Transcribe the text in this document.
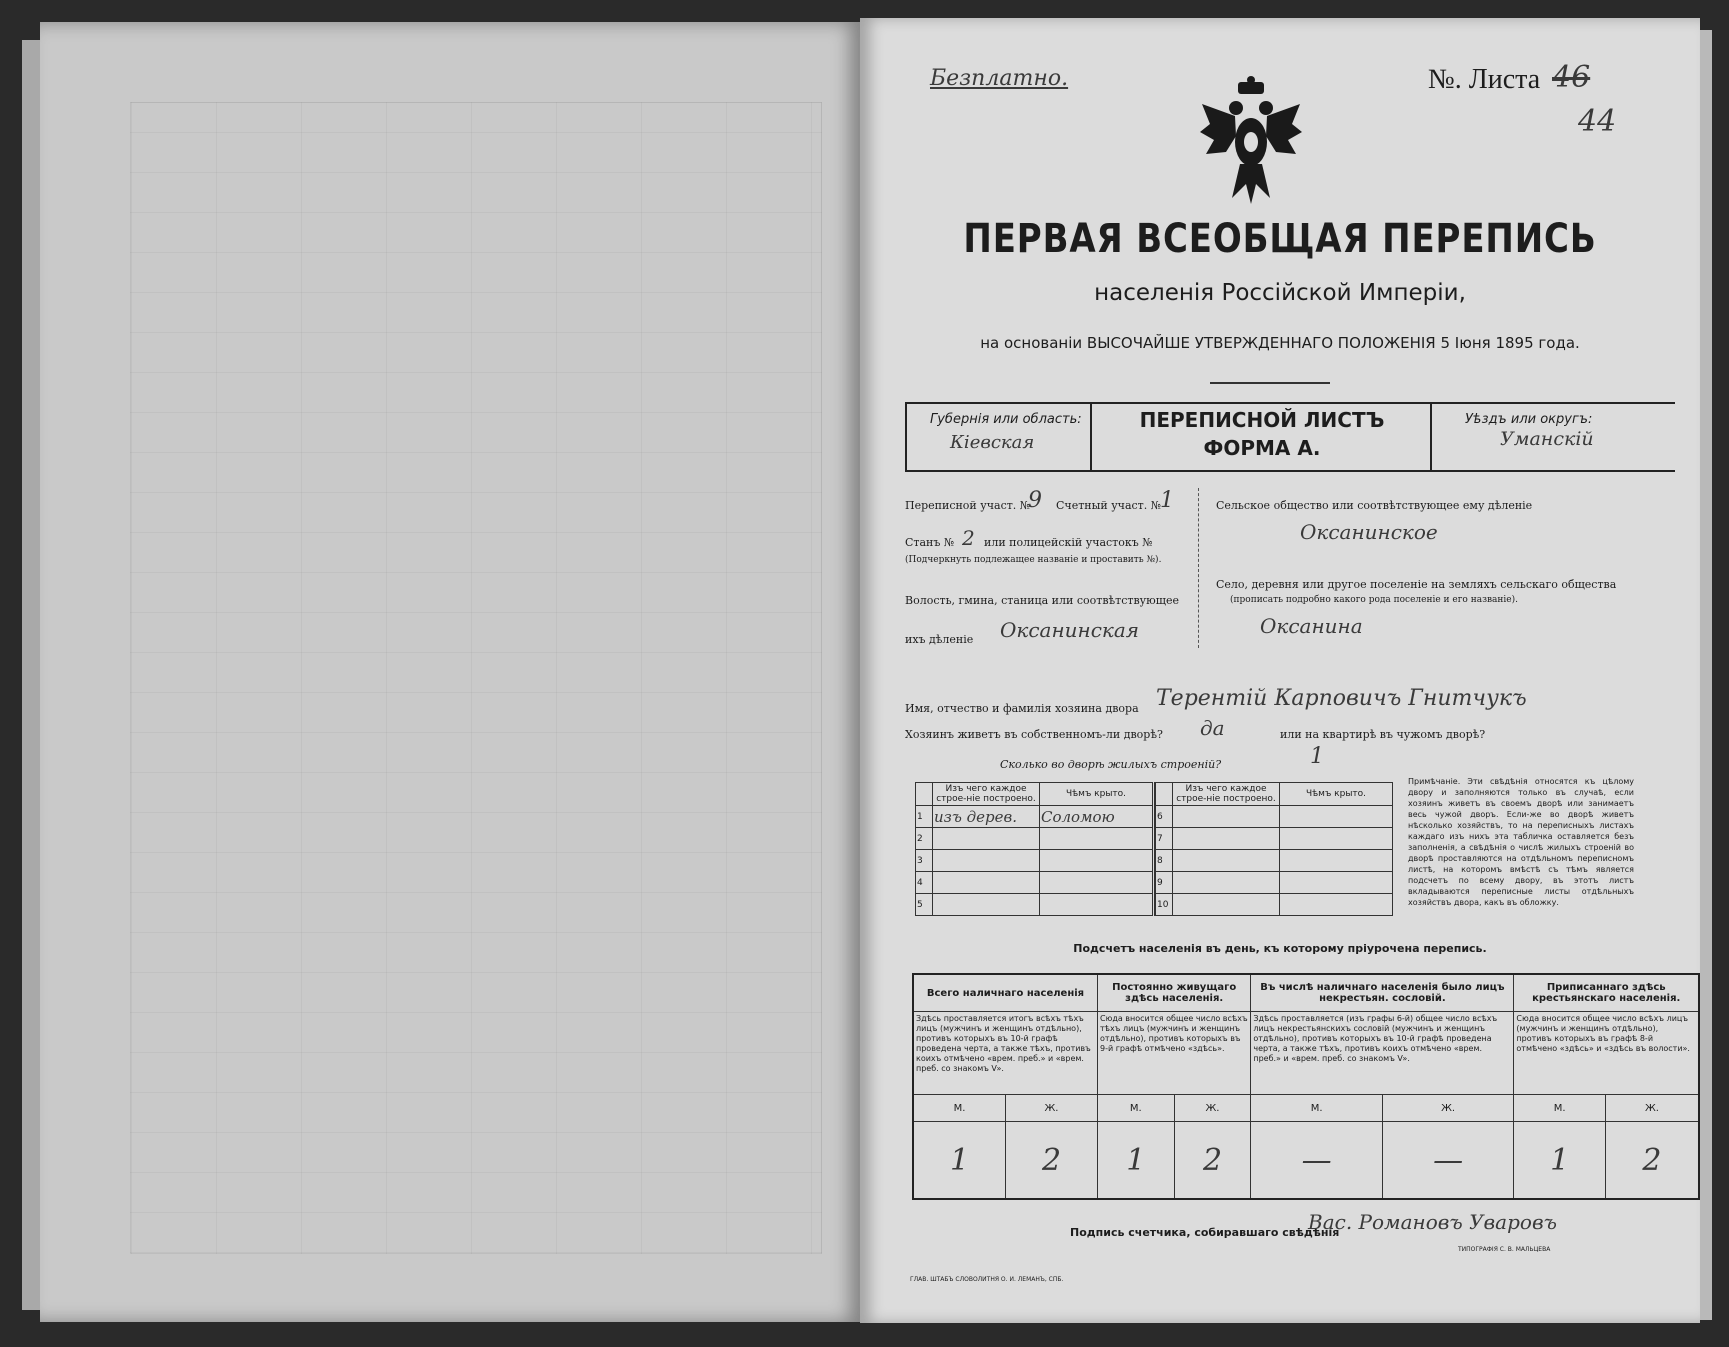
Безплатно.	№. Листа 46
44
ПЕРВАЯ ВСЕОБЩАЯ ПЕРЕПИСЬ
населенія Россійской Имперіи,
на основаніи ВЫСОЧАЙШЕ УТВЕРЖДЕННАГО ПОЛОЖЕНІЯ 5 Іюня 1895 года.
Губернія или область:
Кіевская
ПЕРЕПИСНОЙ ЛИСТЪ
ФОРМА А.
Уѣздъ или округъ:
Уманскій
Переписной участ. №
9 Счетный участ. №
1
Станъ № 2 или полицейскій участокъ №
(Подчеркнуть подлежащее названіе и проставить №).
Волость, гмина, станица или соотвѣтствующее
ихъ дѣленіе Оксанинская
Сельское общество или соотвѣтствующее ему дѣленіе
Оксанинское
Село, деревня или другое поселеніе на земляхъ сельскаго общества
(прописать подробно какого рода поселеніе и его названіе).
Оксанина
Имя, отчество и фамилія хозяина двора Терентій Карповичъ Гнитчукъ
Хозяинъ живетъ въ собственномъ-ли дворѣ? да	или на квартирѣ въ чужомъ дворѣ?
Сколько во дворѣ жилыхъ строеній?	1
	Изъ чего каждое строе-ніе построено.	Чѣмъ крыто.			Изъ чего каждое строе-ніе построено.	Чѣмъ крыто.
1	изъ дерев.	Соломою		6		
2				7		
3				8		
4				9		
5				10		
Примѣчаніе. Эти свѣдѣнія относятся къ цѣлому двору и заполняются только въ случаѣ, если хозяинъ живетъ въ своемъ дворѣ или занимаетъ весь чужой дворъ. Если-же во дворѣ живетъ нѣсколько хозяйствъ, то на переписныхъ листахъ каждаго изъ нихъ эта табличка оставляется безъ заполненія, а свѣдѣнія о числѣ жилыхъ строеній во дворѣ проставляются на отдѣльномъ переписномъ листѣ, на которомъ вмѣстѣ съ тѣмъ является подсчетъ по всему двору, въ этотъ листъ вкладываются переписные листы отдѣльныхъ хозяйствъ двора, какъ въ обложку.
Подсчетъ населенія въ день, къ которому пріурочена перепись.
Всего наличнаго населенія		Постоянно живущаго здѣсь населенія.		Въ числѣ наличнаго населенія было лицъ некрестьян. сословій.		Приписаннаго здѣсь крестьянскаго населенія.	
Здѣсь проставляется итогъ всѣхъ тѣхъ лицъ (мужчинъ и женщинъ отдѣльно), противъ которыхъ въ 10-й графѣ проведена черта, а также тѣхъ, противъ коихъ отмѣчено «врем. преб.» и «врем. преб. со знакомъ V».		Сюда вносится общее число всѣхъ тѣхъ лицъ (мужчинъ и женщинъ отдѣльно), противъ которыхъ въ 9-й графѣ отмѣчено «здѣсь».		Здѣсь проставляется (изъ графы 6-й) общее число всѣхъ лицъ некрестьянскихъ сословій (мужчинъ и женщинъ отдѣльно), противъ которыхъ въ 10-й графѣ проведена черта, а также тѣхъ, противъ коихъ отмѣчено «врем. преб.» и «врем. преб. со знакомъ V».		Сюда вносится общее число всѣхъ лицъ (мужчинъ и женщинъ отдѣльно), противъ которыхъ въ графѣ 8-й отмѣчено «здѣсь» и «здѣсь въ волости».	
М.	Ж.	М.	Ж.	М.	Ж.	М.	Ж.
1	2	1	2	—	—	1	2
Подпись счетчика, собиравшаго свѣдѣнія
Вас. Романовъ Уваровъ
ГЛАВ. ШТАБЪ СЛОВОЛИТНЯ О. И. ЛЕМАНЪ, СПБ.
ТИПОГРАФІЯ С. В. МАЛЬЦЕВА
